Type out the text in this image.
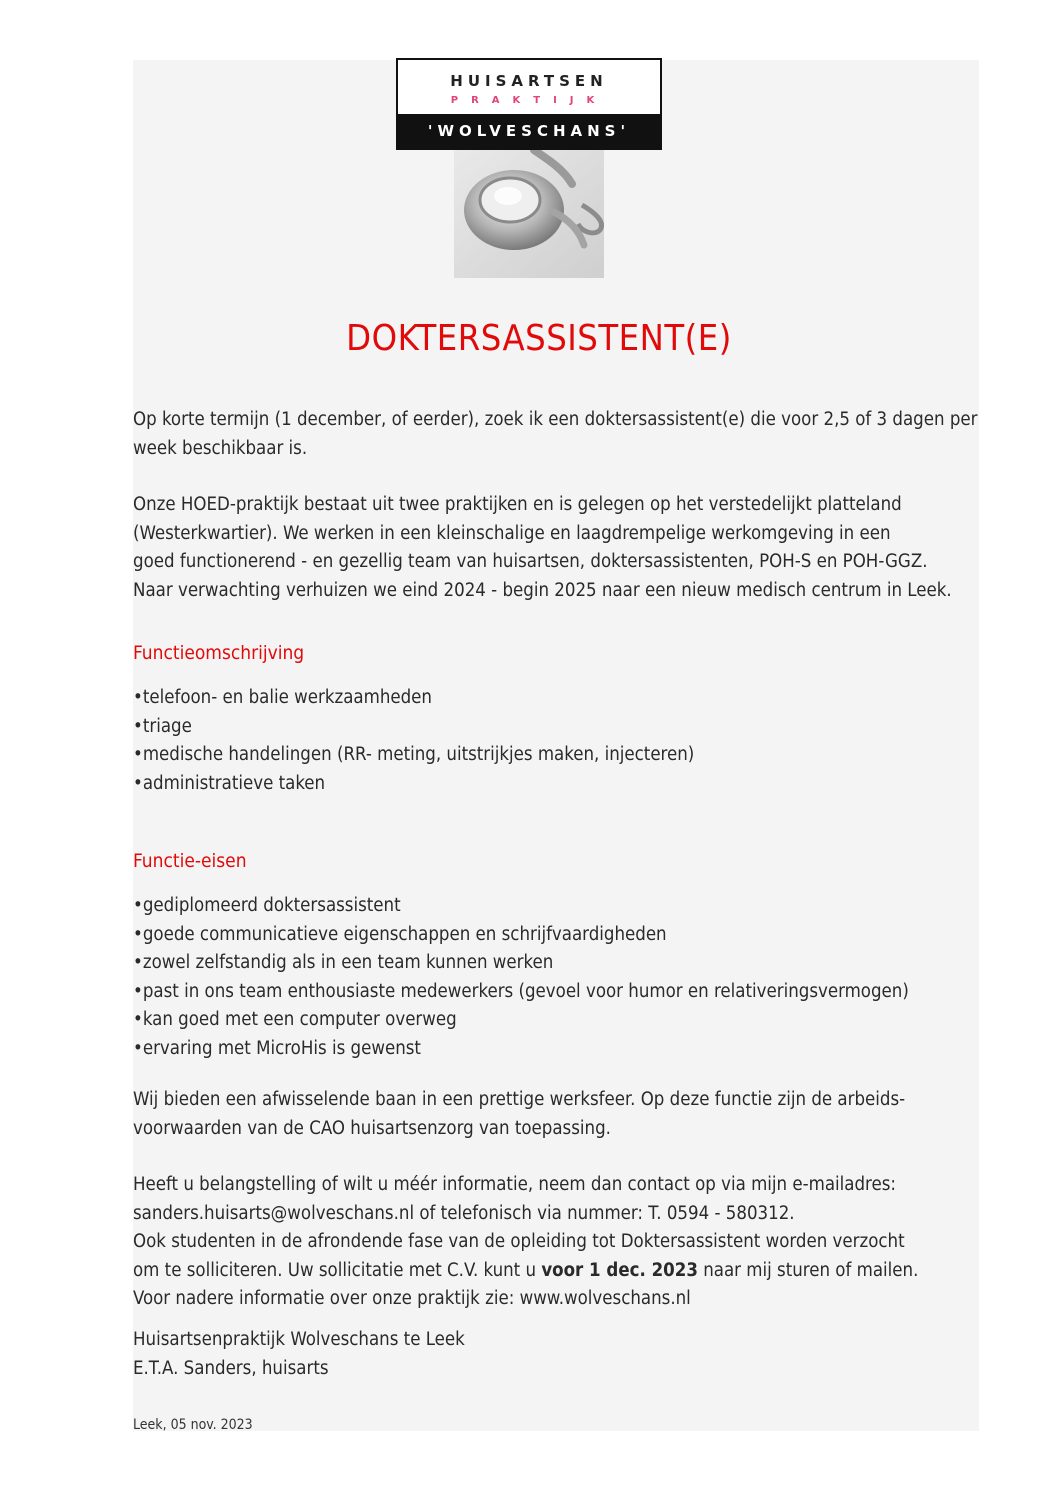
HUISARTSEN
PRAKTIJK
'WOLVESCHANS'
DOKTERSASSISTENT(E)

Op korte termijn (1 december, of eerder), zoek ik een doktersassistent(e) die voor 2,5 of 3 dagen per

week beschikbaar is.

Onze HOED-praktijk bestaat uit twee praktijken en is gelegen op het verstedelijkt platteland

(Westerkwartier). We werken in een kleinschalige en laagdrempelige werkomgeving in een

goed functionerend - en gezellig team van huisartsen, doktersassistenten, POH-S en POH-GGZ.

Naar verwachting verhuizen we eind 2024 - begin 2025 naar een nieuw medisch centrum in Leek.

Functieomschrijving
• telefoon- en balie werkzaamheden
• triage
• medische handelingen (RR- meting, uitstrijkjes maken, injecteren)
• administratieve taken
Functie-eisen
• gediplomeerd doktersassistent
• goede communicatieve eigenschappen en schrijfvaardigheden
• zowel zelfstandig als in een team kunnen werken
• past in ons team enthousiaste medewerkers (gevoel voor humor en relativeringsvermogen)
• kan goed met een computer overweg
• ervaring met MicroHis is gewenst

Wij bieden een afwisselende baan in een prettige werksfeer. Op deze functie zijn de arbeids-

voorwaarden van de CAO huisartsenzorg van toepassing.

Heeft u belangstelling of wilt u méér informatie, neem dan contact op via mijn e-mailadres:

sanders.huisarts@wolveschans.nl of telefonisch via nummer: T. 0594 - 580312.

Ook studenten in de afrondende fase van de opleiding tot Doktersassistent worden verzocht

om te solliciteren. Uw sollicitatie met C.V. kunt u voor 1 dec. 2023 naar mij sturen of mailen.

Voor nadere informatie over onze praktijk zie: www.wolveschans.nl

Huisartsenpraktijk Wolveschans te Leek

E.T.A. Sanders, huisarts

Leek, 05 nov. 2023
